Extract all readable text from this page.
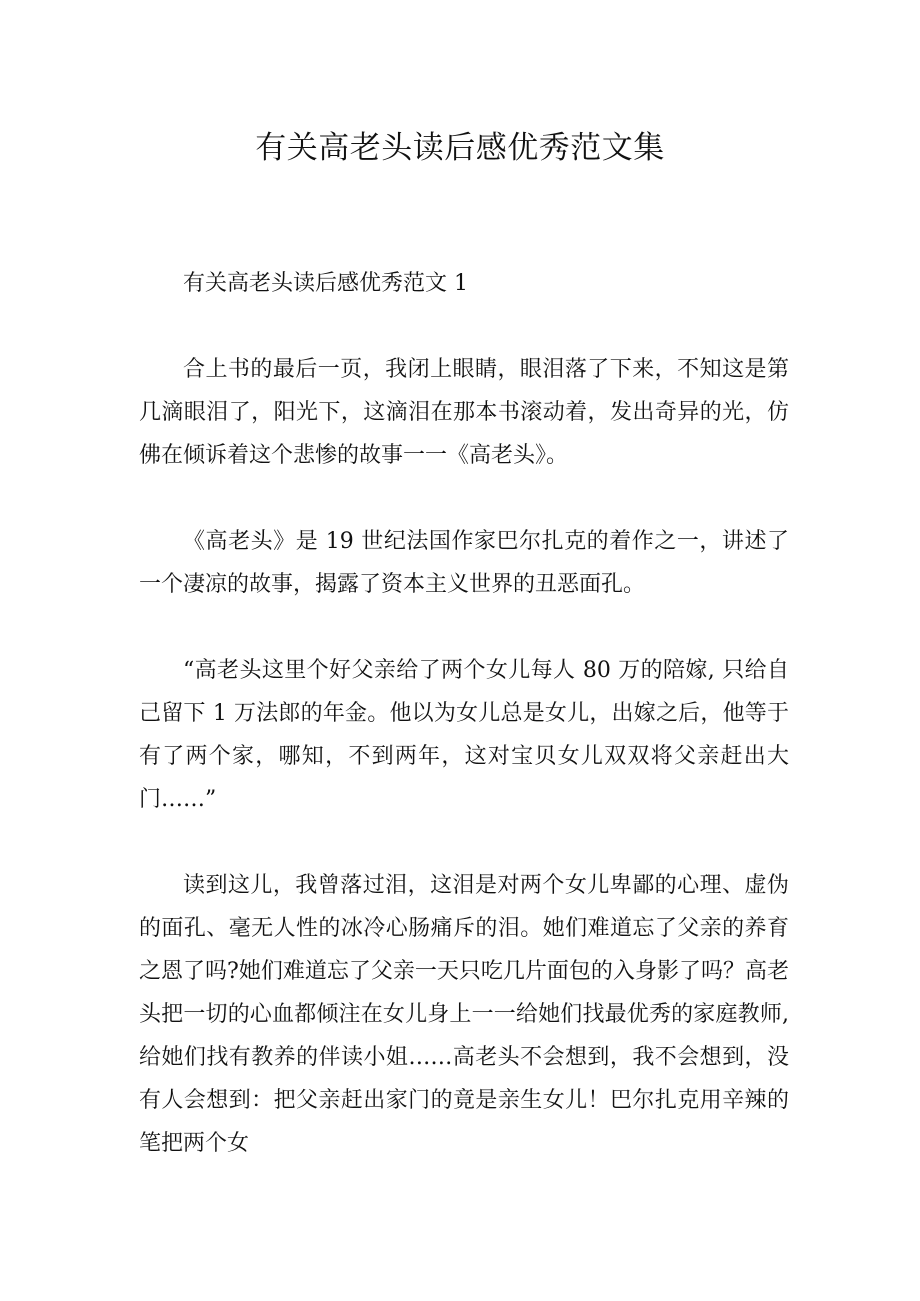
有关高老头读后感优秀范文集

有关高老头读后感优秀范文 1

合上书的最后一页，我闭上眼睛，眼泪落了下来，不知这是第几滴眼泪了，阳光下，这滴泪在那本书滚动着，发出奇异的光，仿佛在倾诉着这个悲惨的故事一一《高老头》。

《高老头》是 19 世纪法国作家巴尔扎克的着作之一，讲述了一个凄凉的故事，揭露了资本主义世界的丑恶面孔。

“高老头这里个好父亲给了两个女儿每人 80 万的陪嫁, 只给自己留下 1 万法郎的年金。他以为女儿总是女儿，出嫁之后，他等于有了两个家，哪知，不到两年，这对宝贝女儿双双将父亲赶出大门……”

读到这儿，我曾落过泪，这泪是对两个女儿卑鄙的心理、虚伪的面孔、毫无人性的冰冷心肠痛斥的泪。她们难道忘了父亲的养育之恩了吗?她们难道忘了父亲一天只吃几片面包的入身影了吗？高老头把一切的心血都倾注在女儿身上一一给她们找最优秀的家庭教师,给她们找有教养的伴读小姐……高老头不会想到，我不会想到，没有人会想到：把父亲赶出家门的竟是亲生女儿！巴尔扎克用辛辣的笔把两个女
